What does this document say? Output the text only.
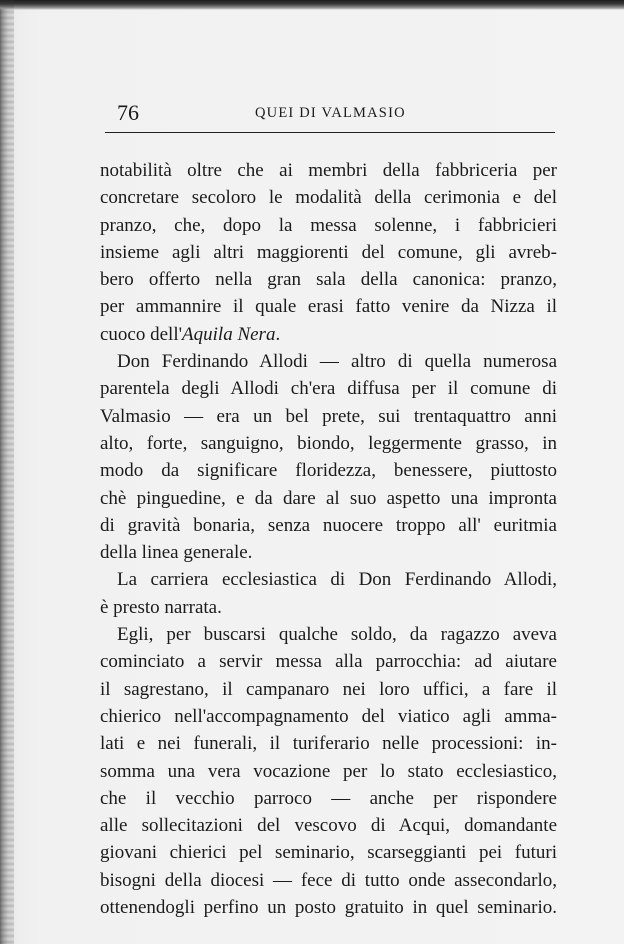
76	QUEI DI VALMASIO
notabilità oltre che ai membri della fabbriceria per
concretare secoloro le modalità della cerimonia e del
pranzo, che, dopo la messa solenne, i fabbricieri
insieme agli altri maggiorenti del comune, gli avreb-
bero offerto nella gran sala della canonica: pranzo,
per ammannire il quale erasi fatto venire da Nizza il
cuoco dell'Aquila Nera.
Don Ferdinando Allodi — altro di quella numerosa
parentela degli Allodi ch'era diffusa per il comune di
Valmasio — era un bel prete, sui trentaquattro anni
alto, forte, sanguigno, biondo, leggermente grasso, in
modo da significare floridezza, benessere, piuttosto
chè pinguedine, e da dare al suo aspetto una impronta
di gravità bonaria, senza nuocere troppo all' euritmia
della linea generale.
La carriera ecclesiastica di Don Ferdinando Allodi,
è presto narrata.
Egli, per buscarsi qualche soldo, da ragazzo aveva
cominciato a servir messa alla parrocchia: ad aiutare
il sagrestano, il campanaro nei loro uffici, a fare il
chierico nell'accompagnamento del viatico agli amma-
lati e nei funerali, il turiferario nelle processioni: in-
somma una vera vocazione per lo stato ecclesiastico,
che il vecchio parroco — anche per rispondere
alle sollecitazioni del vescovo di Acqui, domandante
giovani chierici pel seminario, scarseggianti pei futuri
bisogni della diocesi — fece di tutto onde assecondarlo,
ottenendogli perfino un posto gratuito in quel seminario.
